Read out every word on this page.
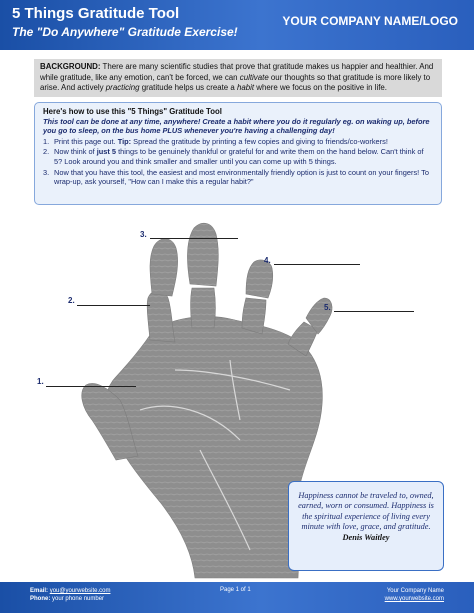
5 Things Gratitude Tool
The "Do Anywhere" Gratitude Exercise!
YOUR COMPANY NAME/LOGO
BACKGROUND: There are many scientific studies that prove that gratitude makes us happier and healthier. And while gratitude, like any emotion, can't be forced, we can cultivate our thoughts so that gratitude is more likely to arise. And actively practicing gratitude helps us create a habit where we focus on the positive in life.
Here's how to use this "5 Things" Gratitude Tool
This tool can be done at any time, anywhere! Create a habit where you do it regularly eg. on waking up, before you go to sleep, on the bus home PLUS whenever you're having a challenging day!
1. Print this page out. Tip: Spread the gratitude by printing a few copies and giving to friends/co-workers!
2. Now think of just 5 things to be genuinely thankful or grateful for and write them on the hand below. Can't think of 5? Look around you and think smaller and smaller until you can come up with 5 things.
3. Now that you have this tool, the easiest and most environmentally friendly option is just to count on your fingers! To wrap-up, ask yourself, "How can I make this a regular habit?"
1.
2.
3.
4.
5.
Happiness cannot be traveled to, owned, earned, worn or consumed. Happiness is the spiritual experience of living every minute with love, grace, and gratitude. Denis Waitley
Email: you@yourwebsite.com
Phone: your phone number
Page 1 of 1	Your Company Name
www.yourwebsite.com
